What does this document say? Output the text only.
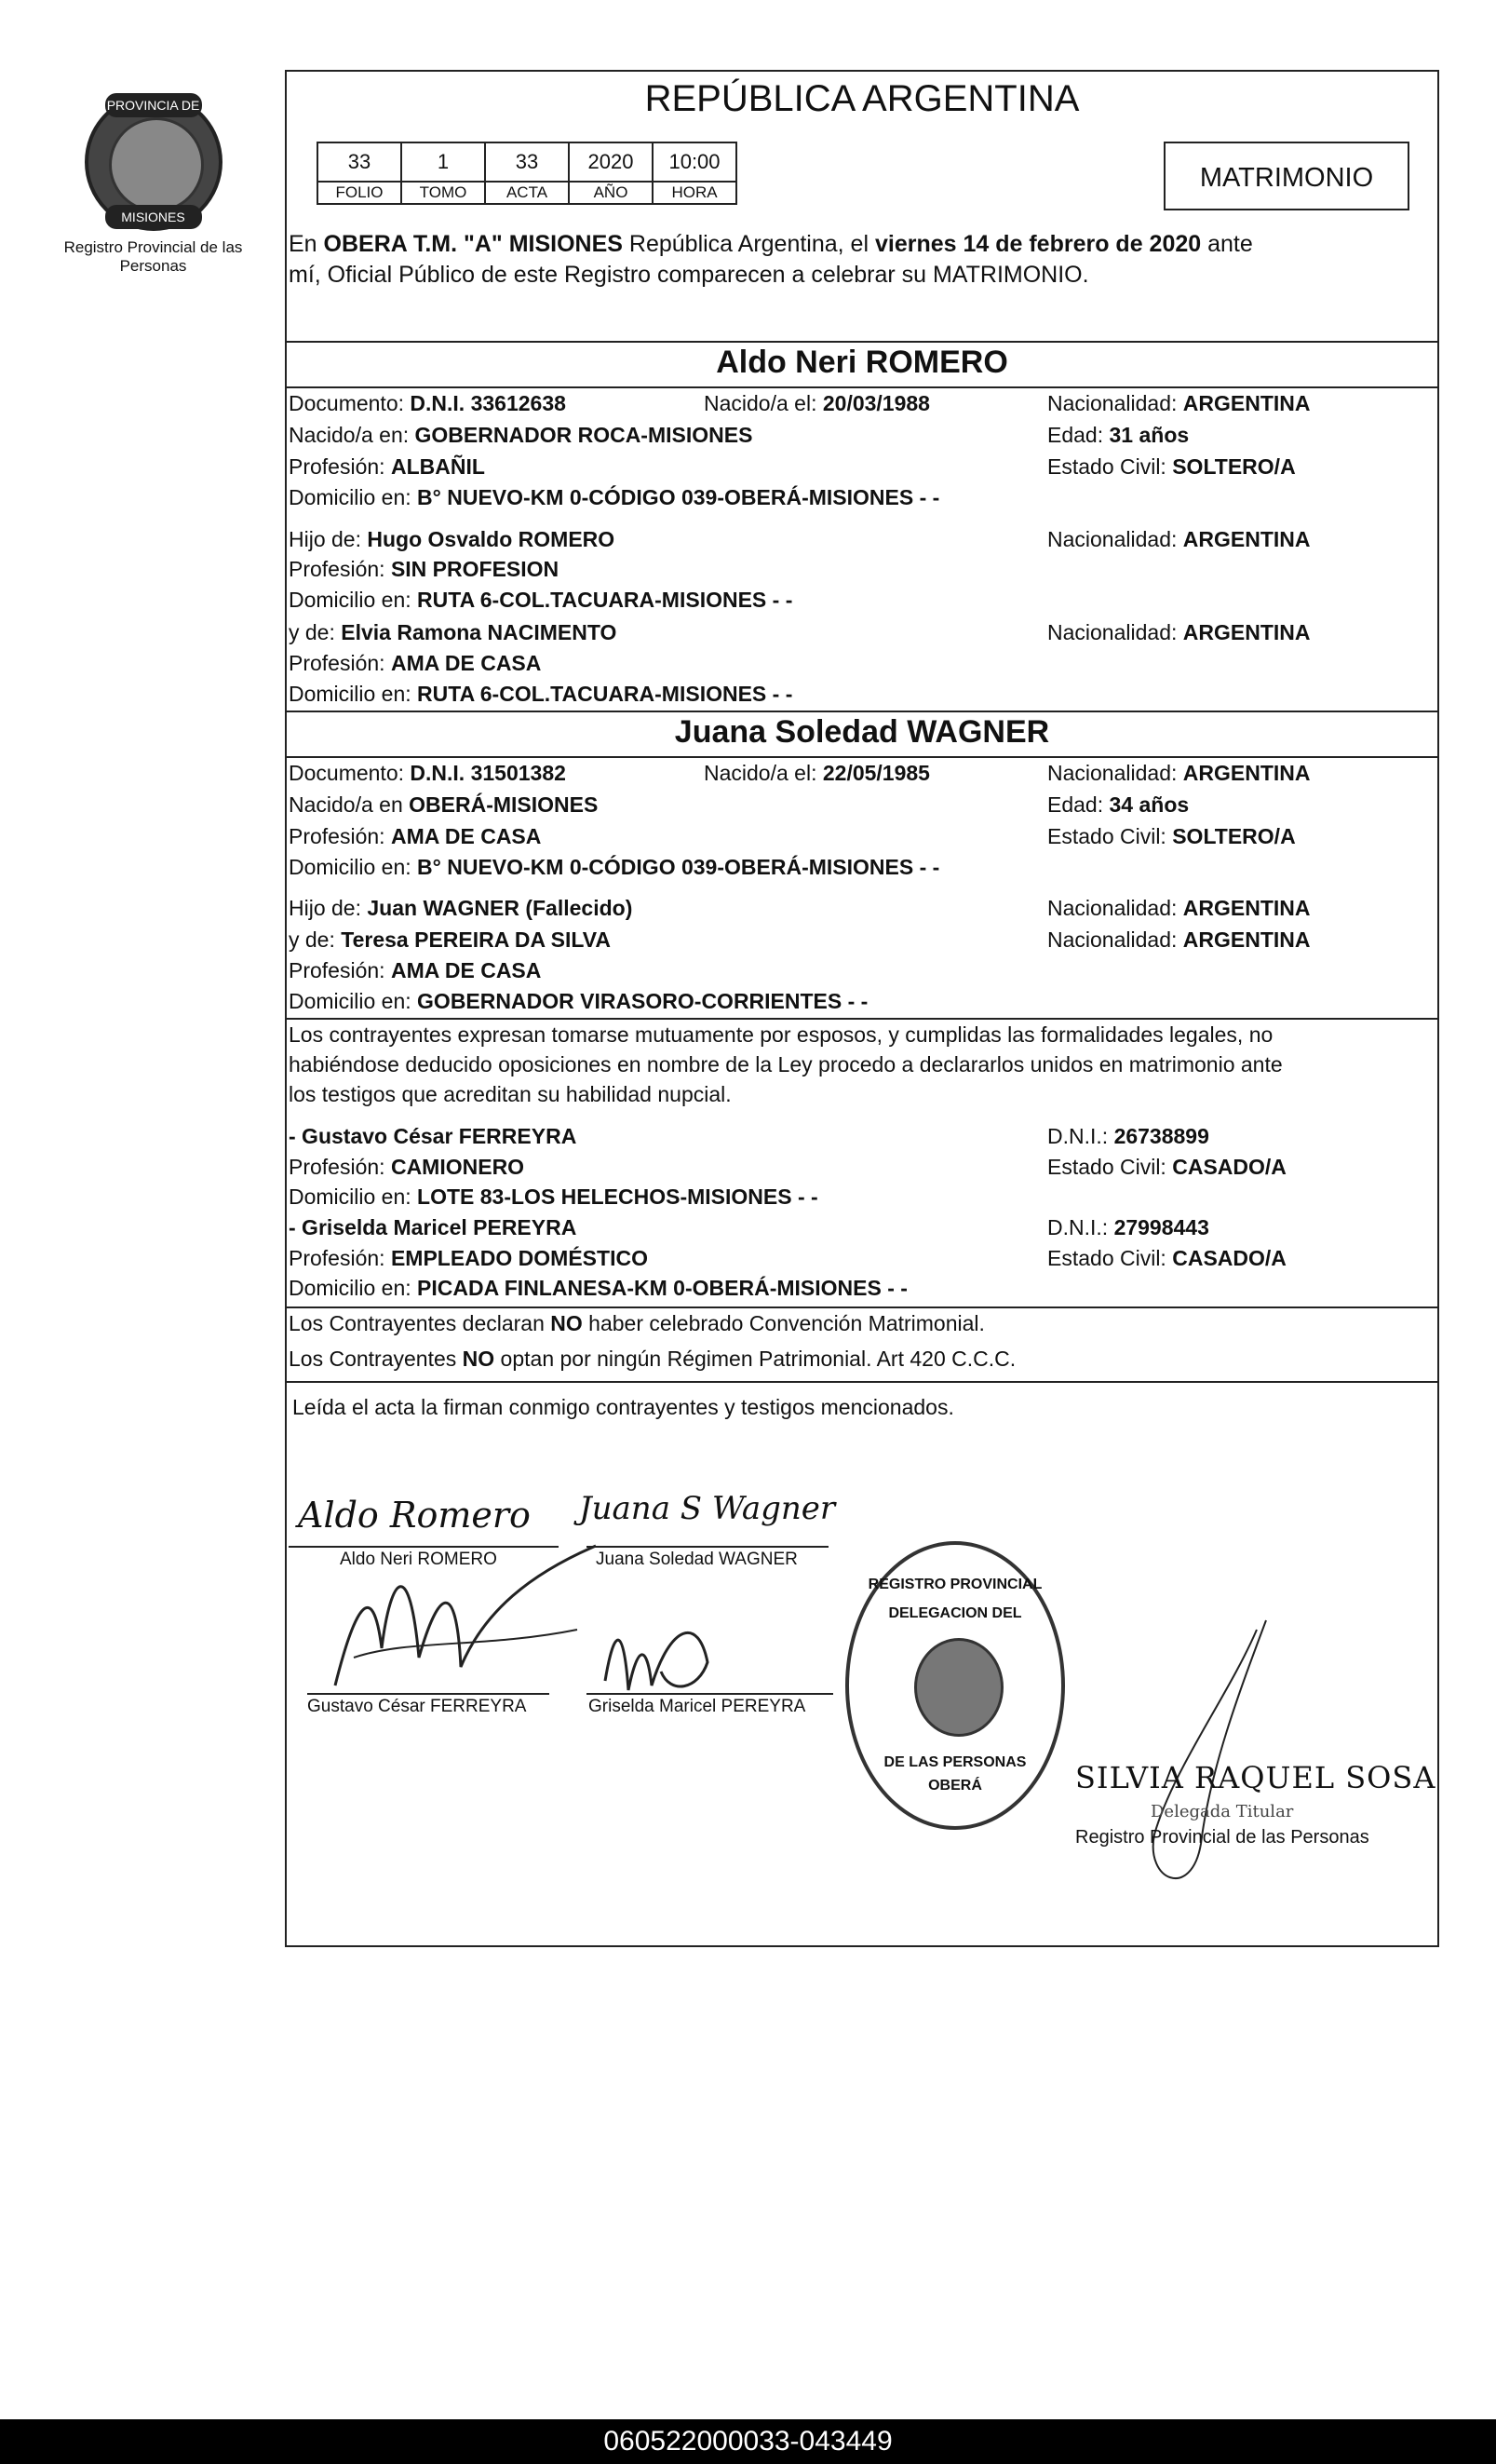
PROVINCIA DE
MISIONES
Registro Provincial de las Personas
REPÚBLICA ARGENTINA
33	1	33	2020	10:00
FOLIO	TOMO	ACTA	AÑO	HORA	MATRIMONIO
En OBERA T.M. "A" MISIONES República Argentina, el viernes 14 de febrero de 2020 ante
mí, Oficial Público de este Registro comparecen a celebrar su MATRIMONIO.
Aldo Neri ROMERO
Documento: D.N.I. 33612638	Nacido/a el: 20/03/1988	Nacionalidad: ARGENTINA
Nacido/a en: GOBERNADOR ROCA-MISIONES	Edad: 31 años
Profesión: ALBAÑIL	Estado Civil: SOLTERO/A
Domicilio en: B° NUEVO-KM 0-CÓDIGO 039-OBERÁ-MISIONES - -
Hijo de: Hugo Osvaldo ROMERO	Nacionalidad: ARGENTINA
Profesión: SIN PROFESION
Domicilio en: RUTA 6-COL.TACUARA-MISIONES - -
y de: Elvia Ramona NACIMENTO	Nacionalidad: ARGENTINA
Profesión: AMA DE CASA
Domicilio en: RUTA 6-COL.TACUARA-MISIONES - -
Juana Soledad WAGNER
Documento: D.N.I. 31501382	Nacido/a el: 22/05/1985	Nacionalidad: ARGENTINA
Nacido/a en OBERÁ-MISIONES	Edad: 34 años
Profesión: AMA DE CASA	Estado Civil: SOLTERO/A
Domicilio en: B° NUEVO-KM 0-CÓDIGO 039-OBERÁ-MISIONES - -
Hijo de: Juan WAGNER (Fallecido)	Nacionalidad: ARGENTINA
y de: Teresa PEREIRA DA SILVA	Nacionalidad: ARGENTINA
Profesión: AMA DE CASA
Domicilio en: GOBERNADOR VIRASORO-CORRIENTES - -
Los contrayentes expresan tomarse mutuamente por esposos, y cumplidas las formalidades legales, no
habiéndose deducido oposiciones en nombre de la Ley procedo a declararlos unidos en matrimonio ante
los testigos que acreditan su habilidad nupcial.
- Gustavo César FERREYRA	D.N.I.: 26738899
Profesión: CAMIONERO	Estado Civil: CASADO/A
Domicilio en: LOTE 83-LOS HELECHOS-MISIONES - -
- Griselda Maricel PEREYRA	D.N.I.: 27998443
Profesión: EMPLEADO DOMÉSTICO	Estado Civil: CASADO/A
Domicilio en: PICADA FINLANESA-KM 0-OBERÁ-MISIONES - -
Los Contrayentes declaran NO haber celebrado Convención Matrimonial.
Los Contrayentes NO optan por ningún Régimen Patrimonial. Art 420 C.C.C.
Leída el acta la firman conmigo contrayentes y testigos mencionados.
Aldo Romero
Aldo Neri ROMERO
Juana S Wagner
Juana Soledad WAGNER
Gustavo César FERREYRA	Griselda Maricel PEREYRA
REGISTRO PROVINCIAL
DE LAS PERSONAS
DELEGACION DEL
OBERÁ	SILVIA RAQUEL SOSA
Delegada Titular
Registro Provincial de las Personas
060522000033-043449
